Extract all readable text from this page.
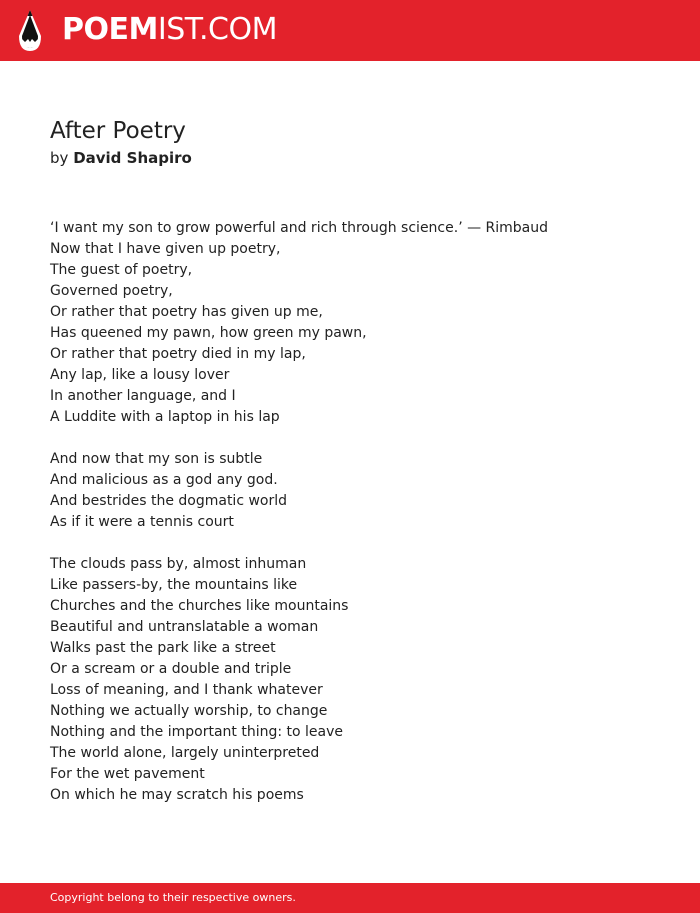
POEMIST.COM
After Poetry
by David Shapiro
‘I want my son to grow powerful and rich through science.’ — Rimbaud
Now that I have given up poetry,
The guest of poetry,
Governed poetry,
Or rather that poetry has given up me,
Has queened my pawn, how green my pawn,
Or rather that poetry died in my lap,
Any lap, like a lousy lover
In another language, and I
A Luddite with a laptop in his lap
And now that my son is subtle
And malicious as a god any god.
And bestrides the dogmatic world
As if it were a tennis court
The clouds pass by, almost inhuman
Like passers-by, the mountains like
Churches and the churches like mountains
Beautiful and untranslatable a woman
Walks past the park like a street
Or a scream or a double and triple
Loss of meaning, and I thank whatever
Nothing we actually worship, to change
Nothing and the important thing: to leave
The world alone, largely uninterpreted
For the wet pavement
On which he may scratch his poems
Copyright belong to their respective owners.
